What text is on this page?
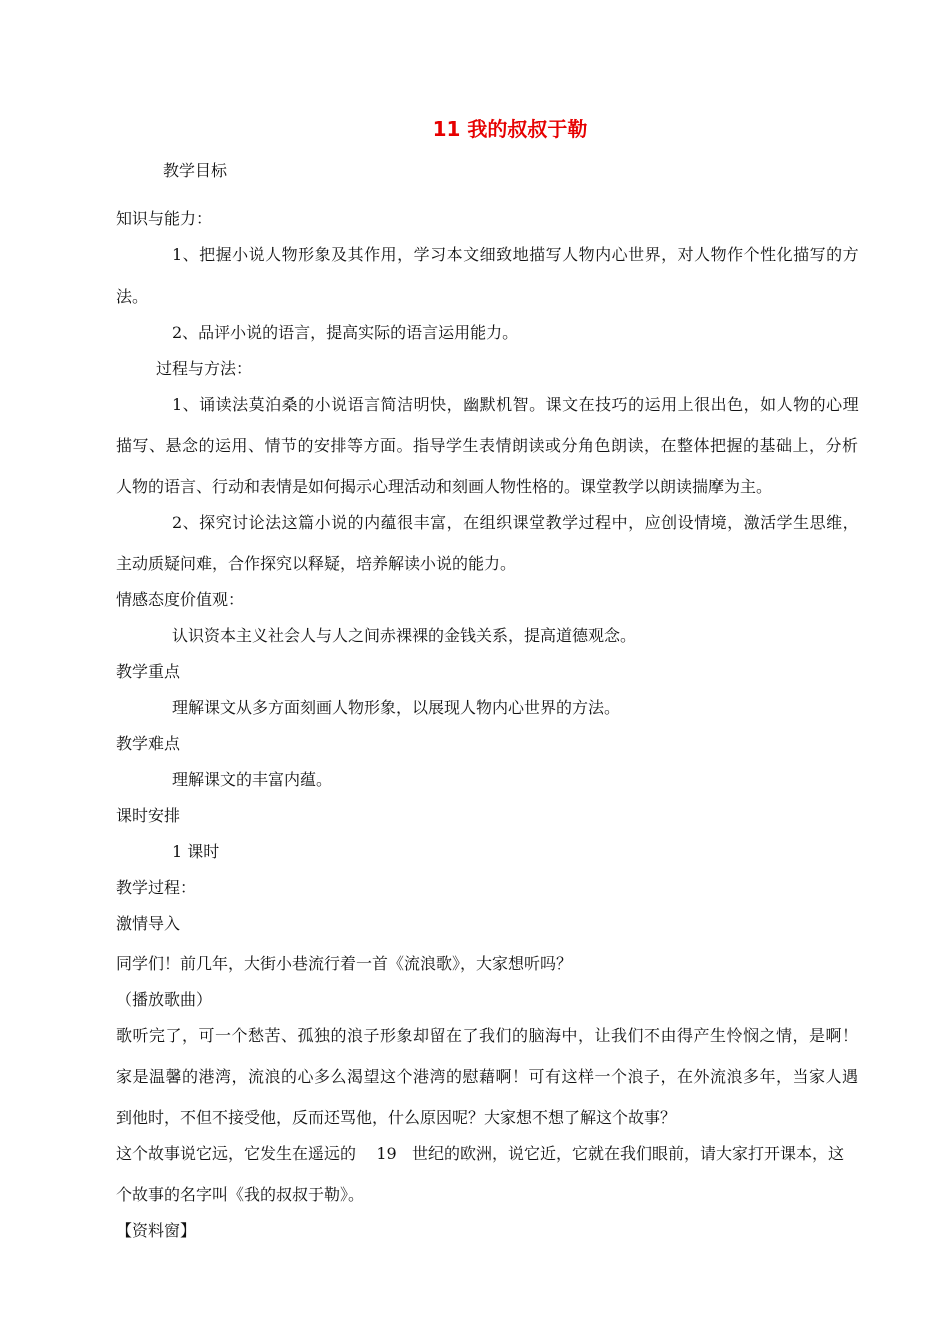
11 我的叔叔于勒
教学目标
知识与能力：
1、把握小说人物形象及其作用，学习本文细致地描写人物内心世界，对人物作个性化描写的方
法。
2、品评小说的语言，提高实际的语言运用能力。
过程与方法：
1、诵读法莫泊桑的小说语言简洁明快，幽默机智。课文在技巧的运用上很出色，如人物的心理
描写、悬念的运用、情节的安排等方面。指导学生表情朗读或分角色朗读，在整体把握的基础上，分析
人物的语言、行动和表情是如何揭示心理活动和刻画人物性格的。课堂教学以朗读揣摩为主。
2、探究讨论法这篇小说的内蕴很丰富，在组织课堂教学过程中，应创设情境，激活学生思维，
主动质疑问难，合作探究以释疑，培养解读小说的能力。
情感态度价值观：
认识资本主义社会人与人之间赤裸裸的金钱关系，提高道德观念。
教学重点
理解课文从多方面刻画人物形象，以展现人物内心世界的方法。
教学难点
理解课文的丰富内蕴。
课时安排
1 课时
教学过程：
激情导入
同学们！前几年，大街小巷流行着一首《流浪歌》，大家想听吗？
（播放歌曲）
歌听完了，可一个愁苦、孤独的浪子形象却留在了我们的脑海中，让我们不由得产生怜悯之情，是啊！
家是温馨的港湾，流浪的心多么渴望这个港湾的慰藉啊！可有这样一个浪子，在外流浪多年，当家人遇
到他时，不但不接受他，反而还骂他，什么原因呢？大家想不想了解这个故事？
这个故事说它远，它发生在遥远的    19   世纪的欧洲，说它近，它就在我们眼前，请大家打开课本，这
个故事的名字叫《我的叔叔于勒》。
【资料窗】
